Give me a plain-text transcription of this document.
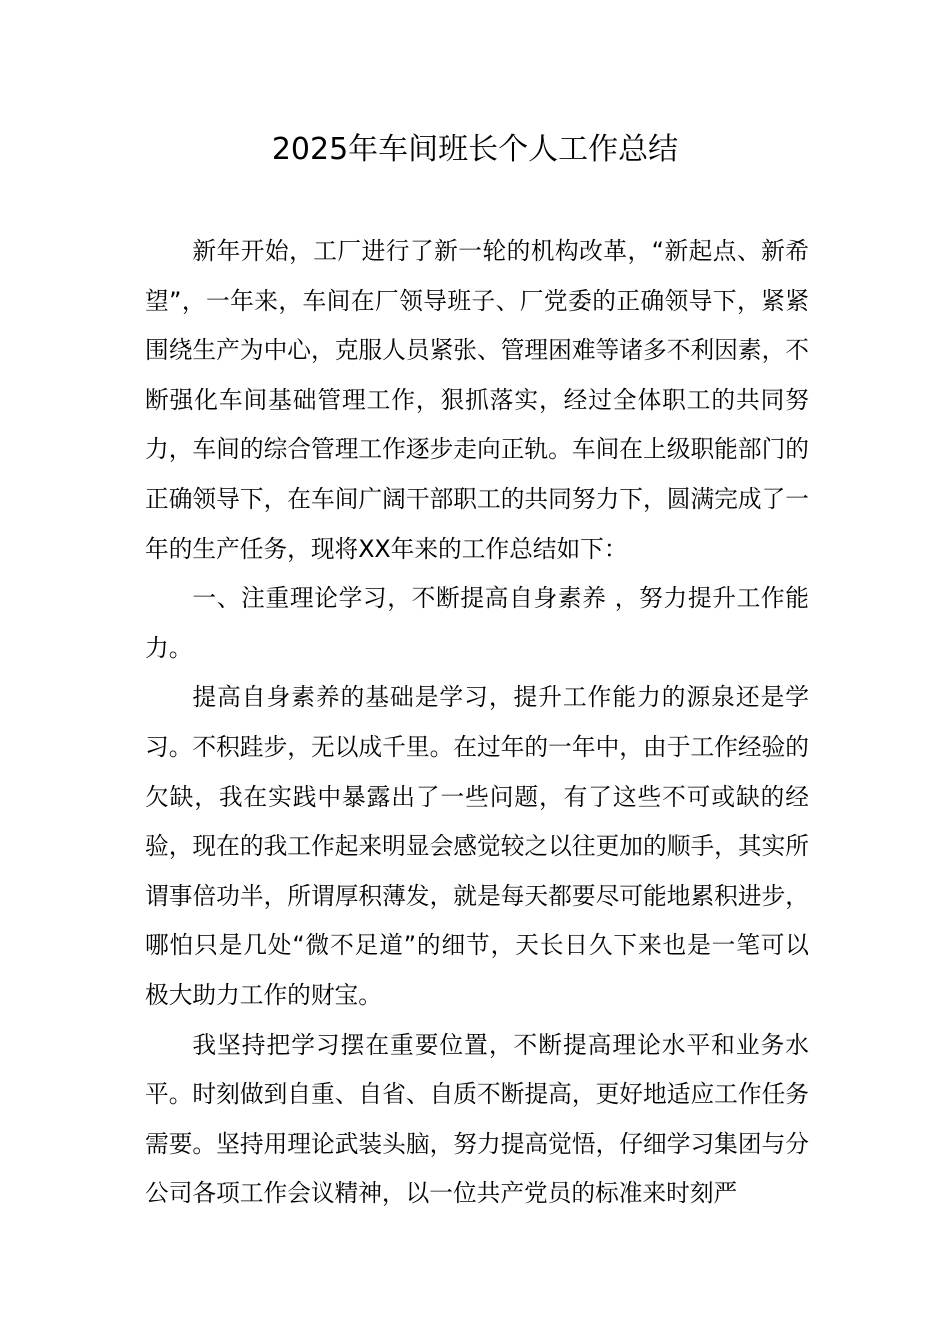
2025年车间班长个人工作总结

新年开始，工厂进行了新一轮的机构改革，“新起点、新希望”，一年来，车间在厂领导班子、厂党委的正确领导下，紧紧围绕生产为中心，克服人员紧张、管理困难等诸多不利因素，不断强化车间基础管理工作，狠抓落实，经过全体职工的共同努力，车间的综合管理工作逐步走向正轨。车间在上级职能部门的正确领导下，在车间广阔干部职工的共同努力下，圆满完成了一年的生产任务，现将XX年来的工作总结如下：

一、注重理论学习，不断提高自身素养 ，努力提升工作能力。

提高自身素养的基础是学习，提升工作能力的源泉还是学习。不积跬步，无以成千里。在过年的一年中，由于工作经验的欠缺，我在实践中暴露出了一些问题，有了这些不可或缺的经验，现在的我工作起来明显会感觉较之以往更加的顺手，其实所谓事倍功半，所谓厚积薄发，就是每天都要尽可能地累积进步，哪怕只是几处“微不足道”的细节，天长日久下来也是一笔可以极大助力工作的财宝。

我坚持把学习摆在重要位置，不断提高理论水平和业务水平。时刻做到自重、自省、自质不断提高，更好地适应工作任务需要。坚持用理论武装头脑，努力提高觉悟，仔细学习集团与分公司各项工作会议精神，以一位共产党员的标准来时刻严
